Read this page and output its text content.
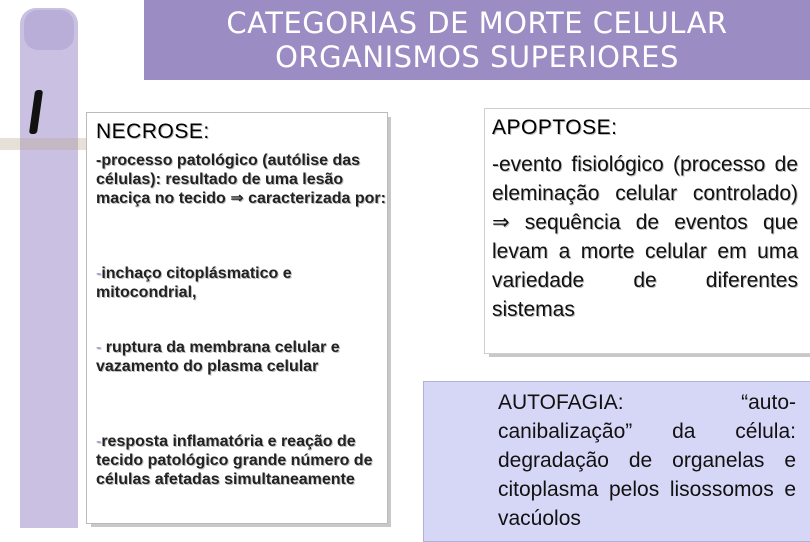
CATEGORIAS DE MORTE CELULAR
ORGANISMOS SUPERIORES
NECROSE:
-processo patológico (autólise das células): resultado de uma lesão maciça no tecido ⇒ caracterizada por:
-inchaço citoplásmatico e mitocondrial,
- ruptura da membrana celular e vazamento do plasma celular
-resposta inflamatória e reação de tecido patológico grande número de células afetadas simultaneamente
APOPTOSE:
-evento fisiológico (processo de eleminação celular controlado) ⇒ sequência de eventos que levam a morte celular em uma variedade de diferentes sistemas
AUTOFAGIA: “auto-canibalização” da célula: degradação de organelas e citoplasma pelos lisossomos e vacúolos
